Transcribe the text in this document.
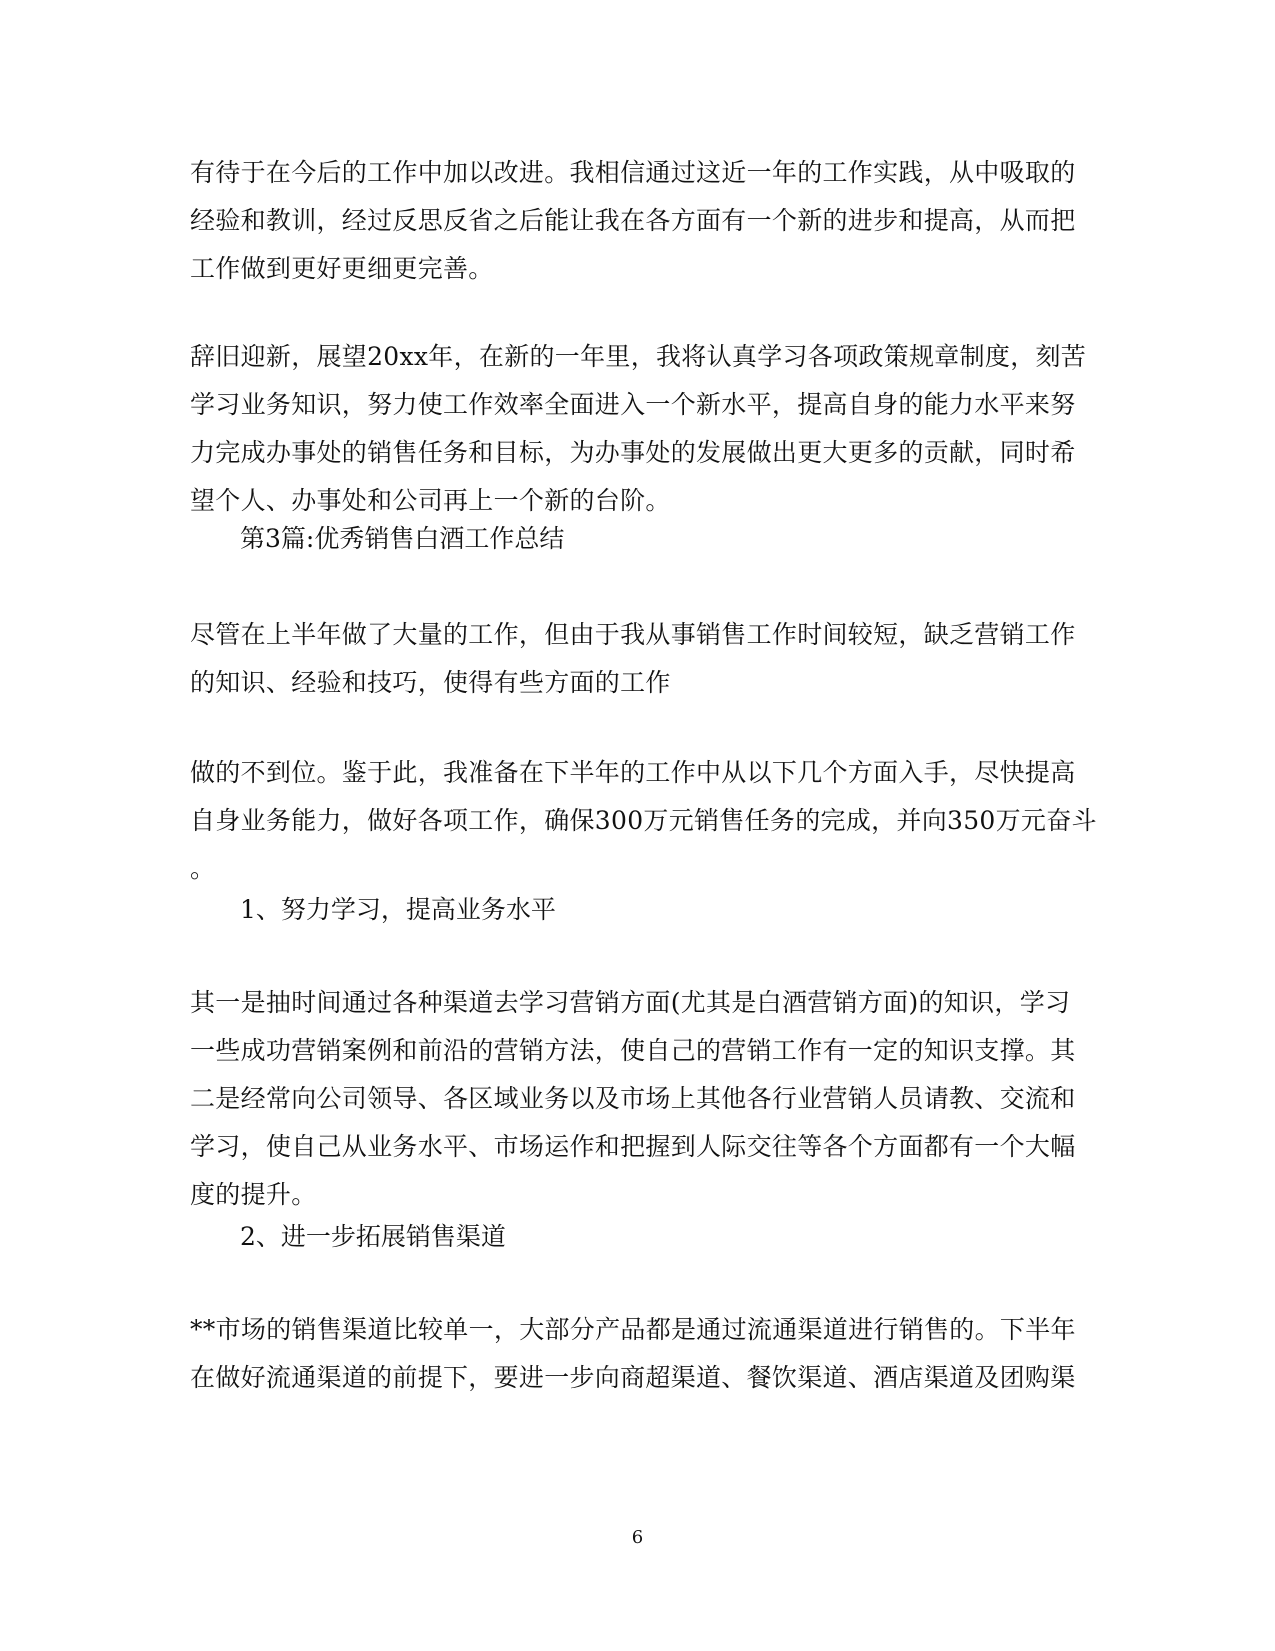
有待于在今后的工作中加以改进。我相信通过这近一年的工作实践，从中吸取的
经验和教训，经过反思反省之后能让我在各方面有一个新的进步和提高，从而把
工作做到更好更细更完善。
辞旧迎新，展望20xx年，在新的一年里，我将认真学习各项政策规章制度，刻苦
学习业务知识，努力使工作效率全面进入一个新水平，提高自身的能力水平来努
力完成办事处的销售任务和目标，为办事处的发展做出更大更多的贡献，同时希
望个人、办事处和公司再上一个新的台阶。
第3篇:优秀销售白酒工作总结
尽管在上半年做了大量的工作，但由于我从事销售工作时间较短，缺乏营销工作
的知识、经验和技巧，使得有些方面的工作
做的不到位。鉴于此，我准备在下半年的工作中从以下几个方面入手，尽快提高
自身业务能力，做好各项工作，确保300万元销售任务的完成，并向350万元奋斗
。
1、努力学习，提高业务水平
其一是抽时间通过各种渠道去学习营销方面(尤其是白酒营销方面)的知识，学习
一些成功营销案例和前沿的营销方法，使自己的营销工作有一定的知识支撑。其
二是经常向公司领导、各区域业务以及市场上其他各行业营销人员请教、交流和
学习，使自己从业务水平、市场运作和把握到人际交往等各个方面都有一个大幅
度的提升。
2、进一步拓展销售渠道
**市场的销售渠道比较单一，大部分产品都是通过流通渠道进行销售的。下半年
在做好流通渠道的前提下，要进一步向商超渠道、餐饮渠道、酒店渠道及团购渠
6
